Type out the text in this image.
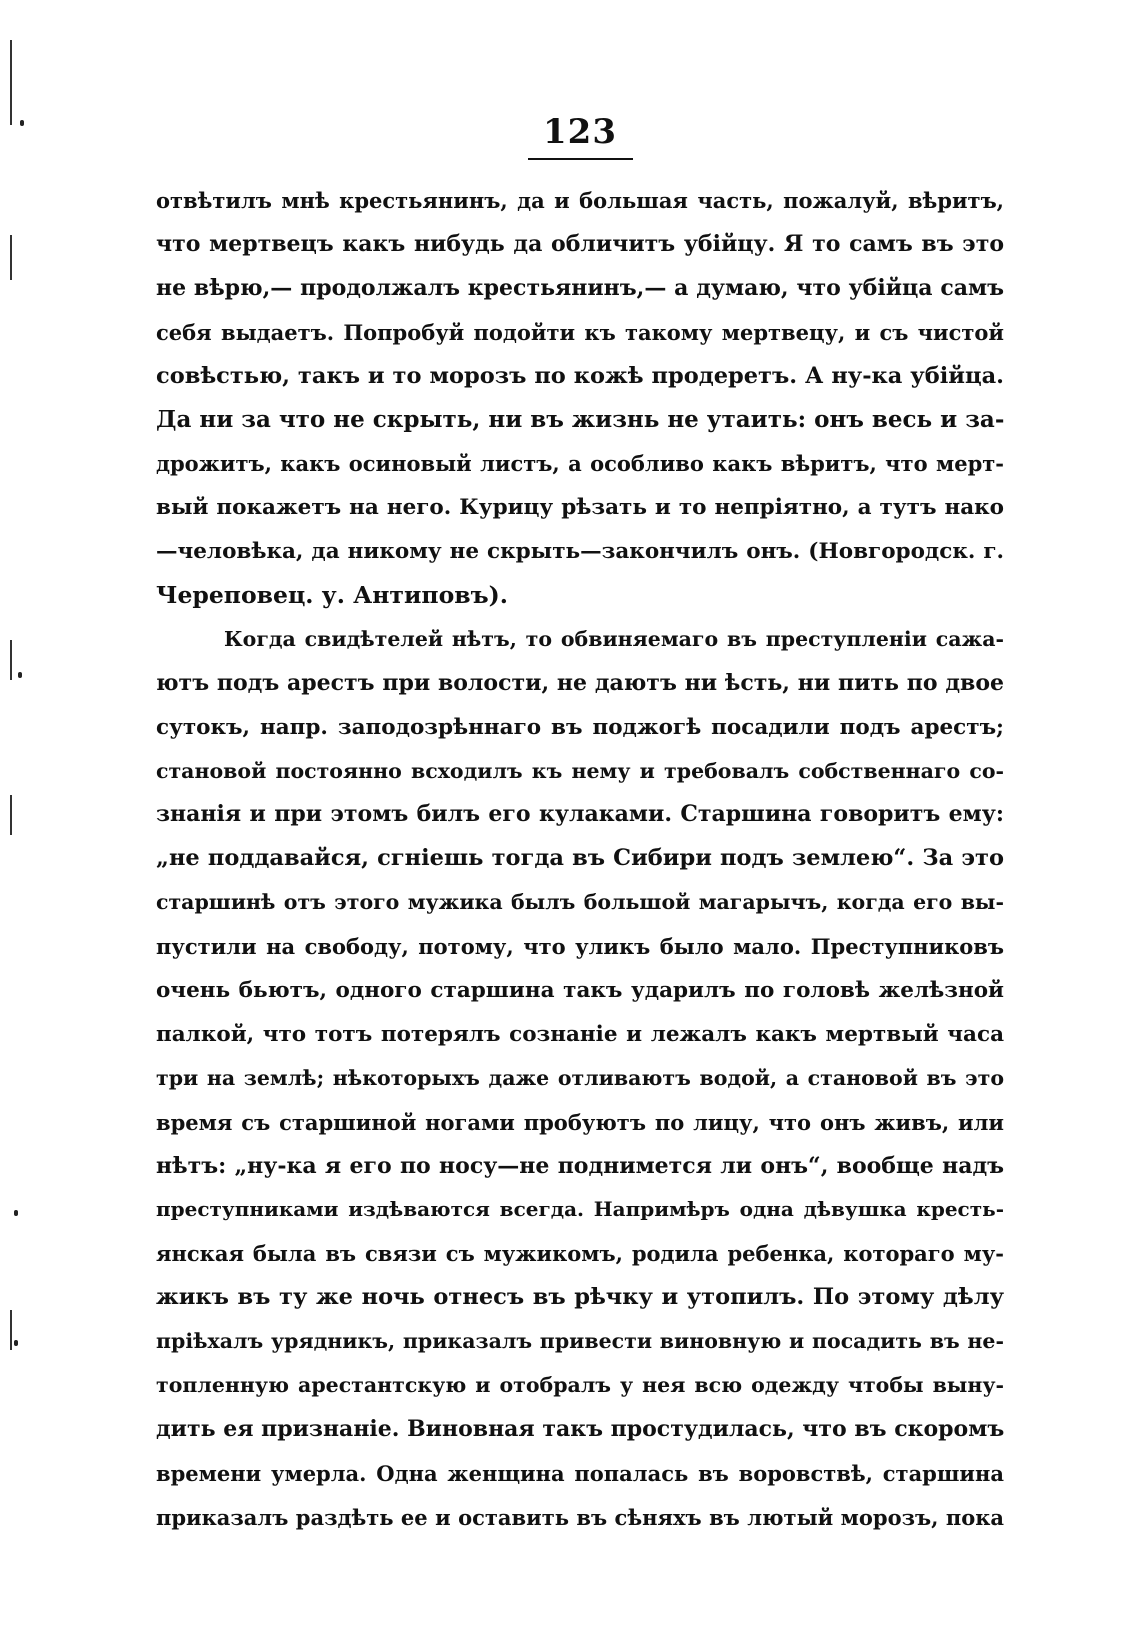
123
отвѣтилъ мнѣ крестьянинъ, да и большая часть, пожалуй, вѣритъ,
что мертвецъ какъ нибудь да обличитъ убійцу. Я то самъ въ это
не вѣрю,— продолжалъ крестьянинъ,— а думаю, что убійца самъ
себя выдаетъ. Попробуй подойти къ такому мертвецу, и съ чистой
совѣстью, такъ и то морозъ по кожѣ продеретъ. А ну-ка убійца.
Да ни за что не скрыть, ни въ жизнь не утаить: онъ весь и за-
дрожитъ, какъ осиновый листъ, а особливо какъ вѣритъ, что мерт-
вый покажетъ на него. Курицу рѣзать и то непріятно, а тутъ нако
—человѣка, да никому не скрыть—закончилъ онъ. (Новгородск. г.
Череповец. у. Антиповъ).
Когда свидѣтелей нѣтъ, то обвиняемаго въ преступленіи сажа-
ютъ подъ арестъ при волости, не даютъ ни ѣсть, ни пить по двое
сутокъ, напр. заподозрѣннаго въ поджогѣ посадили подъ арестъ;
становой постоянно всходилъ къ нему и требовалъ собственнаго со-
знанія и при этомъ билъ его кулаками. Старшина говоритъ ему:
„не поддавайся, сгніешь тогда въ Сибири подъ землею“. За это
старшинѣ отъ этого мужика былъ большой магарычъ, когда его вы-
пустили на свободу, потому, что уликъ было мало. Преступниковъ
очень бьютъ, одного старшина такъ ударилъ по головѣ желѣзной
палкой, что тотъ потерялъ сознаніе и лежалъ какъ мертвый часа
три на землѣ; нѣкоторыхъ даже отливаютъ водой, а становой въ это
время съ старшиной ногами пробуютъ по лицу, что онъ живъ, или
нѣтъ: „ну-ка я его по носу—не поднимется ли онъ“, вообще надъ
преступниками издѣваются всегда. Напримѣръ одна дѣвушка кресть-
янская была въ связи съ мужикомъ, родила ребенка, котораго му-
жикъ въ ту же ночь отнесъ въ рѣчку и утопилъ. По этому дѣлу
пріѣхалъ урядникъ, приказалъ привести виновную и посадить въ не-
топленную арестантскую и отобралъ у нея всю одежду чтобы выну-
дить ея признаніе. Виновная такъ простудилась, что въ скоромъ
времени умерла. Одна женщина попалась въ воровствѣ, старшина
приказалъ раздѣть ее и оставить въ сѣняхъ въ лютый морозъ, пока
